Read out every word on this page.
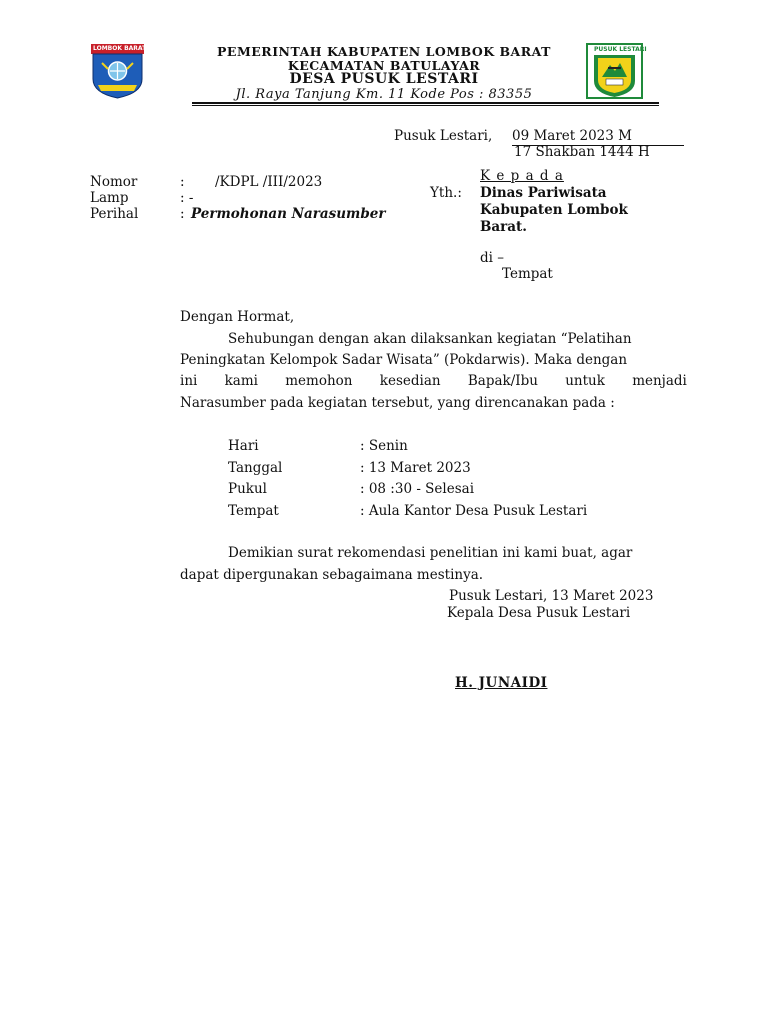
LOMBOK BARAT	PUSUK LESTARI
PEMERINTAH KABUPATEN LOMBOK BARAT
KECAMATAN BATULAYAR
DESA PUSUK LESTARI
Jl. Raya Tanjung Km. 11 Kode Pos : 83355
Pusuk Lestari, 09 Maret 2023 M
17 Shakban 1444 H
Nomor	: /KDPL /III/2023
Lamp	: -
Perihal	: Permohonan Narasumber
K e p a d a
Yth.: Dinas Pariwisata
Kabupaten Lombok
Barat.
di –
Tempat
Dengan Hormat,
Sehubungan dengan akan dilaksankan kegiatan “Pelatihan
Peningkatan Kelompok Sadar Wisata” (Pokdarwis). Maka dengan
ini kami memohon kesedian Bapak/Ibu untuk menjadi
Narasumber pada kegiatan tersebut, yang direncanakan pada :
Hari	: Senin
Tanggal	: 13 Maret 2023
Pukul	: 08 :30 - Selesai
Tempat	: Aula Kantor Desa Pusuk Lestari
Demikian surat rekomendasi penelitian ini kami buat, agar
dapat dipergunakan sebagaimana mestinya.
Pusuk Lestari, 13 Maret 2023
Kepala Desa Pusuk Lestari
H. JUNAIDI
